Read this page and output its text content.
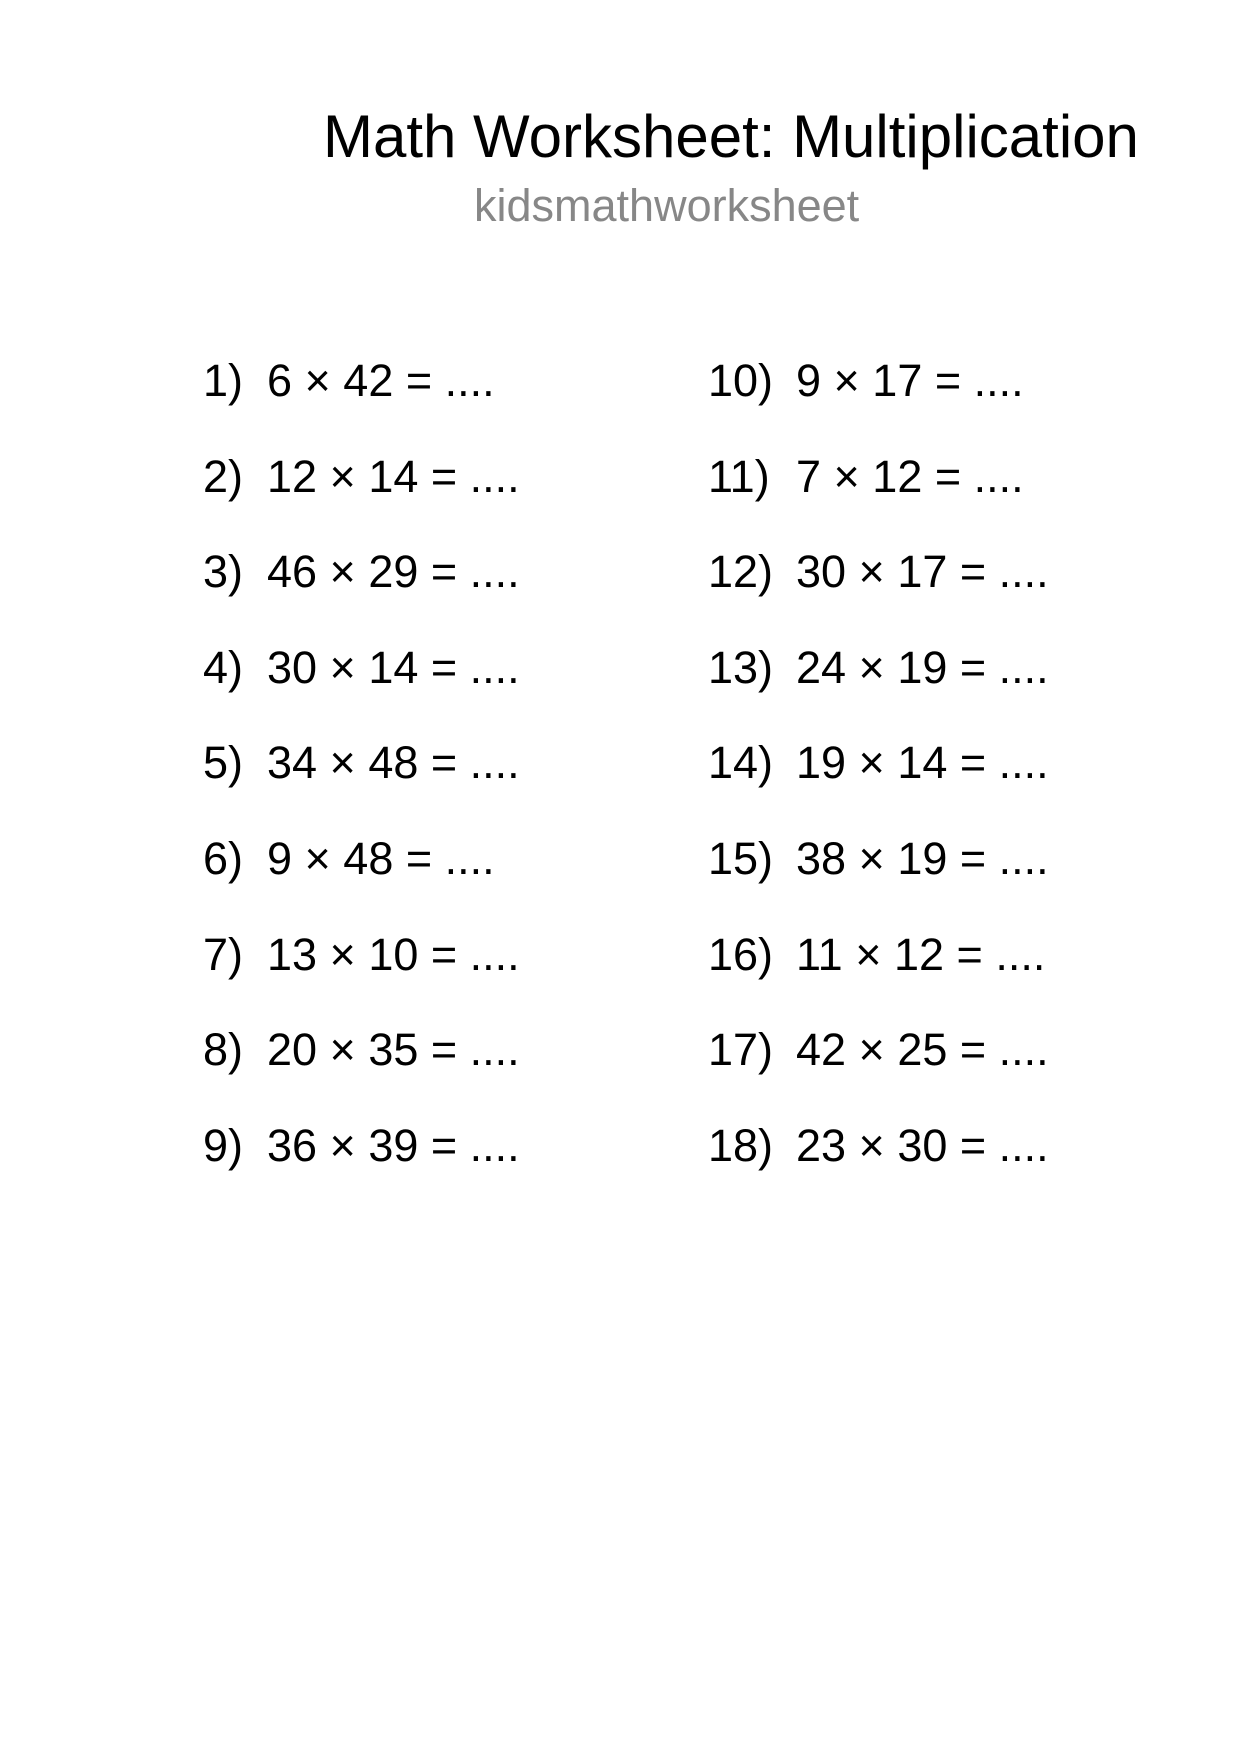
Math Worksheet: Multiplication
kidsmathworksheet
1) 6 × 42 = ....
2) 12 × 14 = ....
3) 46 × 29 = ....
4) 30 × 14 = ....
5) 34 × 48 = ....
6) 9 × 48 = ....
7) 13 × 10 = ....
8) 20 × 35 = ....
9) 36 × 39 = ....
10) 9 × 17 = ....
11) 7 × 12 = ....
12) 30 × 17 = ....
13) 24 × 19 = ....
14) 19 × 14 = ....
15) 38 × 19 = ....
16) 11 × 12 = ....
17) 42 × 25 = ....
18) 23 × 30 = ....
